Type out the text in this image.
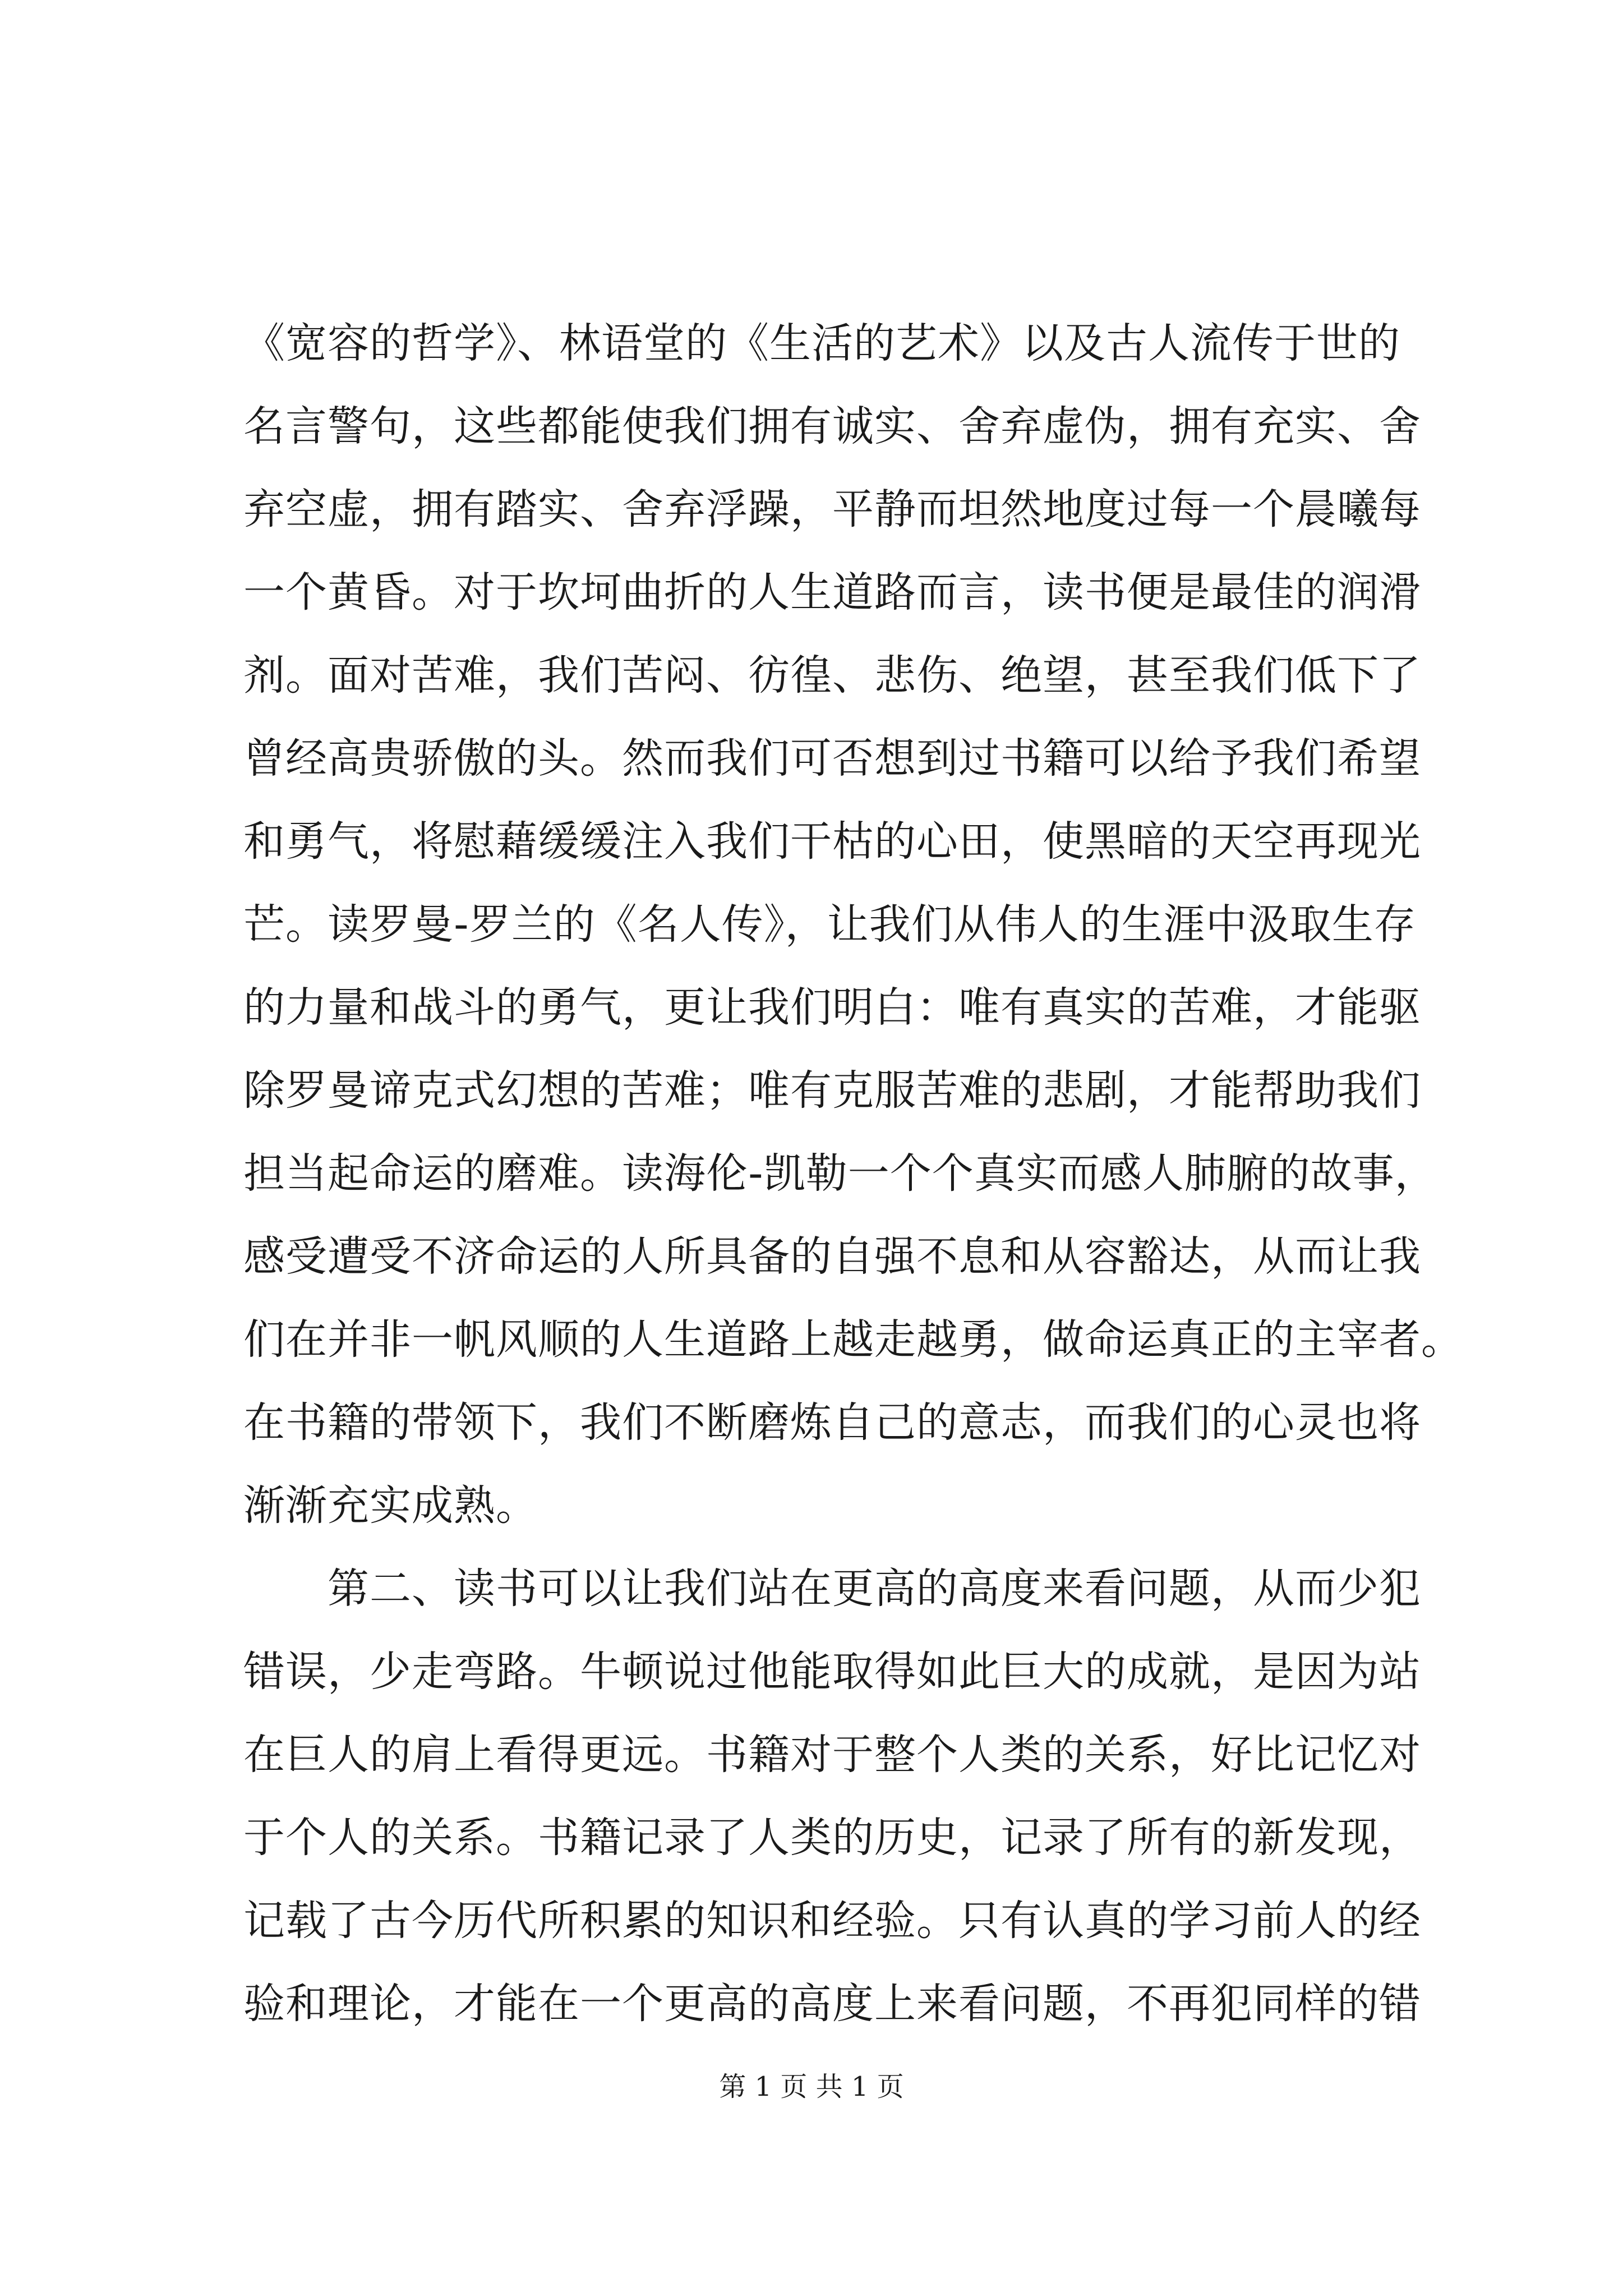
《宽容的哲学》、林语堂的《生活的艺术》以及古人流传于世的
名言警句，这些都能使我们拥有诚实、舍弃虚伪，拥有充实、舍
弃空虚，拥有踏实、舍弃浮躁，平静而坦然地度过每一个晨曦每
一个黄昏。对于坎坷曲折的人生道路而言，读书便是最佳的润滑
剂。面对苦难，我们苦闷、彷徨、悲伤、绝望，甚至我们低下了
曾经高贵骄傲的头。然而我们可否想到过书籍可以给予我们希望
和勇气，将慰藉缓缓注入我们干枯的心田，使黑暗的天空再现光
芒。读罗曼-罗兰的《名人传》，让我们从伟人的生涯中汲取生存
的力量和战斗的勇气，更让我们明白：唯有真实的苦难，才能驱
除罗曼谛克式幻想的苦难；唯有克服苦难的悲剧，才能帮助我们
担当起命运的磨难。读海伦-凯勒一个个真实而感人肺腑的故事，
感受遭受不济命运的人所具备的自强不息和从容豁达，从而让我
们在并非一帆风顺的人生道路上越走越勇，做命运真正的主宰者。
在书籍的带领下，我们不断磨炼自己的意志，而我们的心灵也将
渐渐充实成熟。
　　第二、读书可以让我们站在更高的高度来看问题，从而少犯
错误，少走弯路。牛顿说过他能取得如此巨大的成就，是因为站
在巨人的肩上看得更远。书籍对于整个人类的关系，好比记忆对
于个人的关系。书籍记录了人类的历史，记录了所有的新发现，
记载了古今历代所积累的知识和经验。只有认真的学习前人的经
验和理论，才能在一个更高的高度上来看问题，不再犯同样的错
第 1 页 共 1 页
